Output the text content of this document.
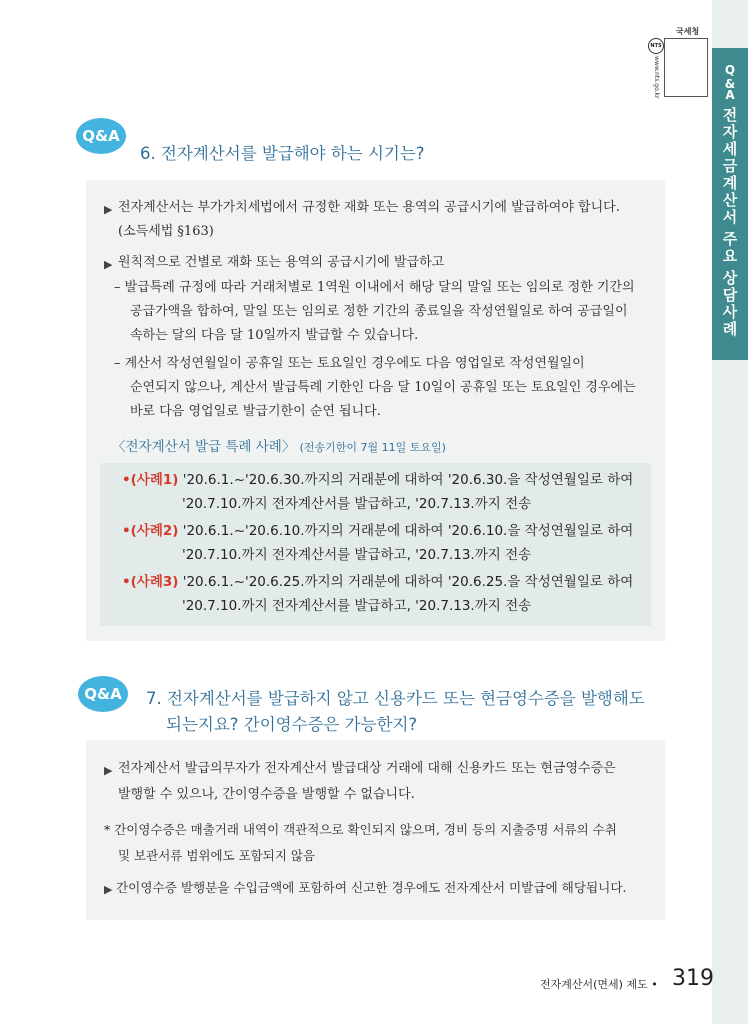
Q
&
A
전
자
세
금
계
산
서
주
요
상
담
사
례
국세청
NTS
www.nts.go.kr
Q&A
6. 전자계산서를 발급해야 하는 시기는?
▶ 전자계산서는 부가가치세법에서 규정한 재화 또는 용역의 공급시기에 발급하여야 합니다.
(소득세법 §163)
▶ 원칙적으로 건별로 재화 또는 용역의 공급시기에 발급하고
– 발급특례 규정에 따라 거래처별로 1역원 이내에서 해당 달의 말일 또는 임의로 정한 기간의
공급가액을 합하여, 말일 또는 임의로 정한 기간의 종료일을 작성연월일로 하여 공급일이
속하는 달의 다음 달 10일까지 발급할 수 있습니다.
– 계산서 작성연월일이 공휴일 또는 토요일인 경우에도 다음 영업일로 작성연월일이
순연되지 않으나, 계산서 발급특례 기한인 다음 달 10일이 공휴일 또는 토요일인 경우에는
바로 다음 영업일로 발급기한이 순연 됩니다.
〈전자계산서 발급 특례 사례〉 (전송기한이 7월 11일 토요일)
•(사례1) '20.6.1.~'20.6.30.까지의 거래분에 대하여 '20.6.30.을 작성연월일로 하여
'20.7.10.까지 전자계산서를 발급하고, '20.7.13.까지 전송
•(사례2) '20.6.1.~'20.6.10.까지의 거래분에 대하여 '20.6.10.을 작성연월일로 하여
'20.7.10.까지 전자계산서를 발급하고, '20.7.13.까지 전송
•(사례3) '20.6.1.~'20.6.25.까지의 거래분에 대하여 '20.6.25.을 작성연월일로 하여
'20.7.10.까지 전자계산서를 발급하고, '20.7.13.까지 전송
Q&A	7. 전자계산서를 발급하지 않고 신용카드 또는 현금영수증을 발행해도
되는지요? 간이영수증은 가능한지?
▶ 전자계산서 발급의무자가 전자계산서 발급대상 거래에 대해 신용카드 또는 현금영수증은
발행할 수 있으나, 간이영수증을 발행할 수 없습니다.
* 간이영수증은 매출거래 내역이 객관적으로 확인되지 않으며, 경비 등의 지출증명 서류의 수취
및 보관서류 범위에도 포함되지 않음
▶ 간이영수증 발행분을 수입금액에 포함하여 신고한 경우에도 전자계산서 미발급에 해당됩니다.
전자계산서(면세) 제도 • 319
